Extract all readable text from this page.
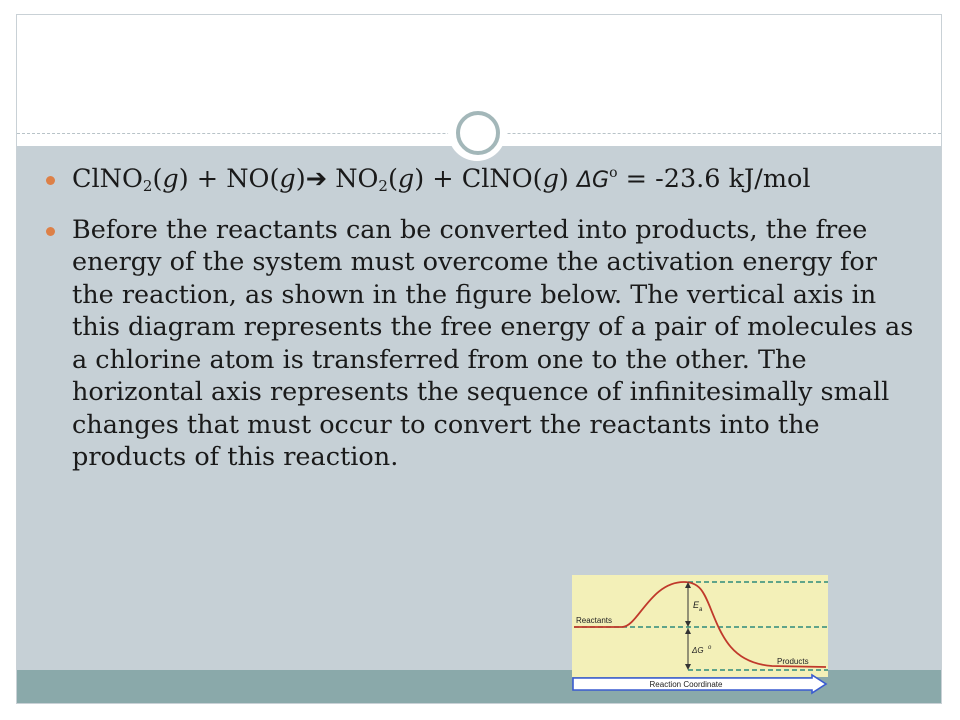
ClNO$_2$(g) + NO(g)➔ $NO_2(g)$ + ClNO(g) $\Delta G^o = -23.6$ kJ/mol
Before the reactants can be converted into products, the free energy of the system must overcome the activation energy for the reaction, as shown in the figure below. The vertical axis in this diagram represents the free energy of a pair of molecules as a chlorine atom is transferred from one to the other. The horizontal axis represents the sequence of infinitesimally small changes that must occur to convert the reactants into the products of this reaction.
Reactants
Products
E a
ΔG o
Reaction Coordinate
